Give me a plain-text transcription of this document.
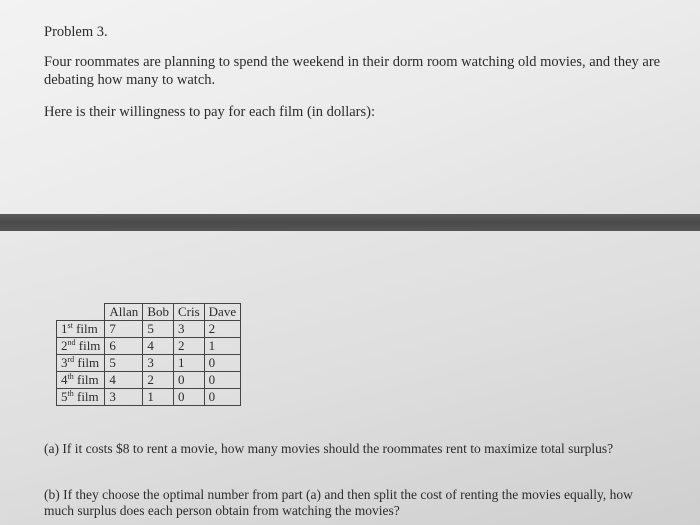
Problem 3.

Four roommates are planning to spend the weekend in their dorm room watching old movies, and they are debating how many to watch.

Here is their willingness to pay for each film (in dollars):

	Allan	Bob	Cris	Dave
1st film	7	5	3	2
2nd film	6	4	2	1
3rd film	5	3	1	0
4th film	4	2	0	0
5th film	3	1	0	0

(a) If it costs $8 to rent a movie, how many movies should the roommates rent to maximize total surplus?

(b) If they choose the optimal number from part (a) and then split the cost of renting the movies equally, how much surplus does each person obtain from watching the movies?
